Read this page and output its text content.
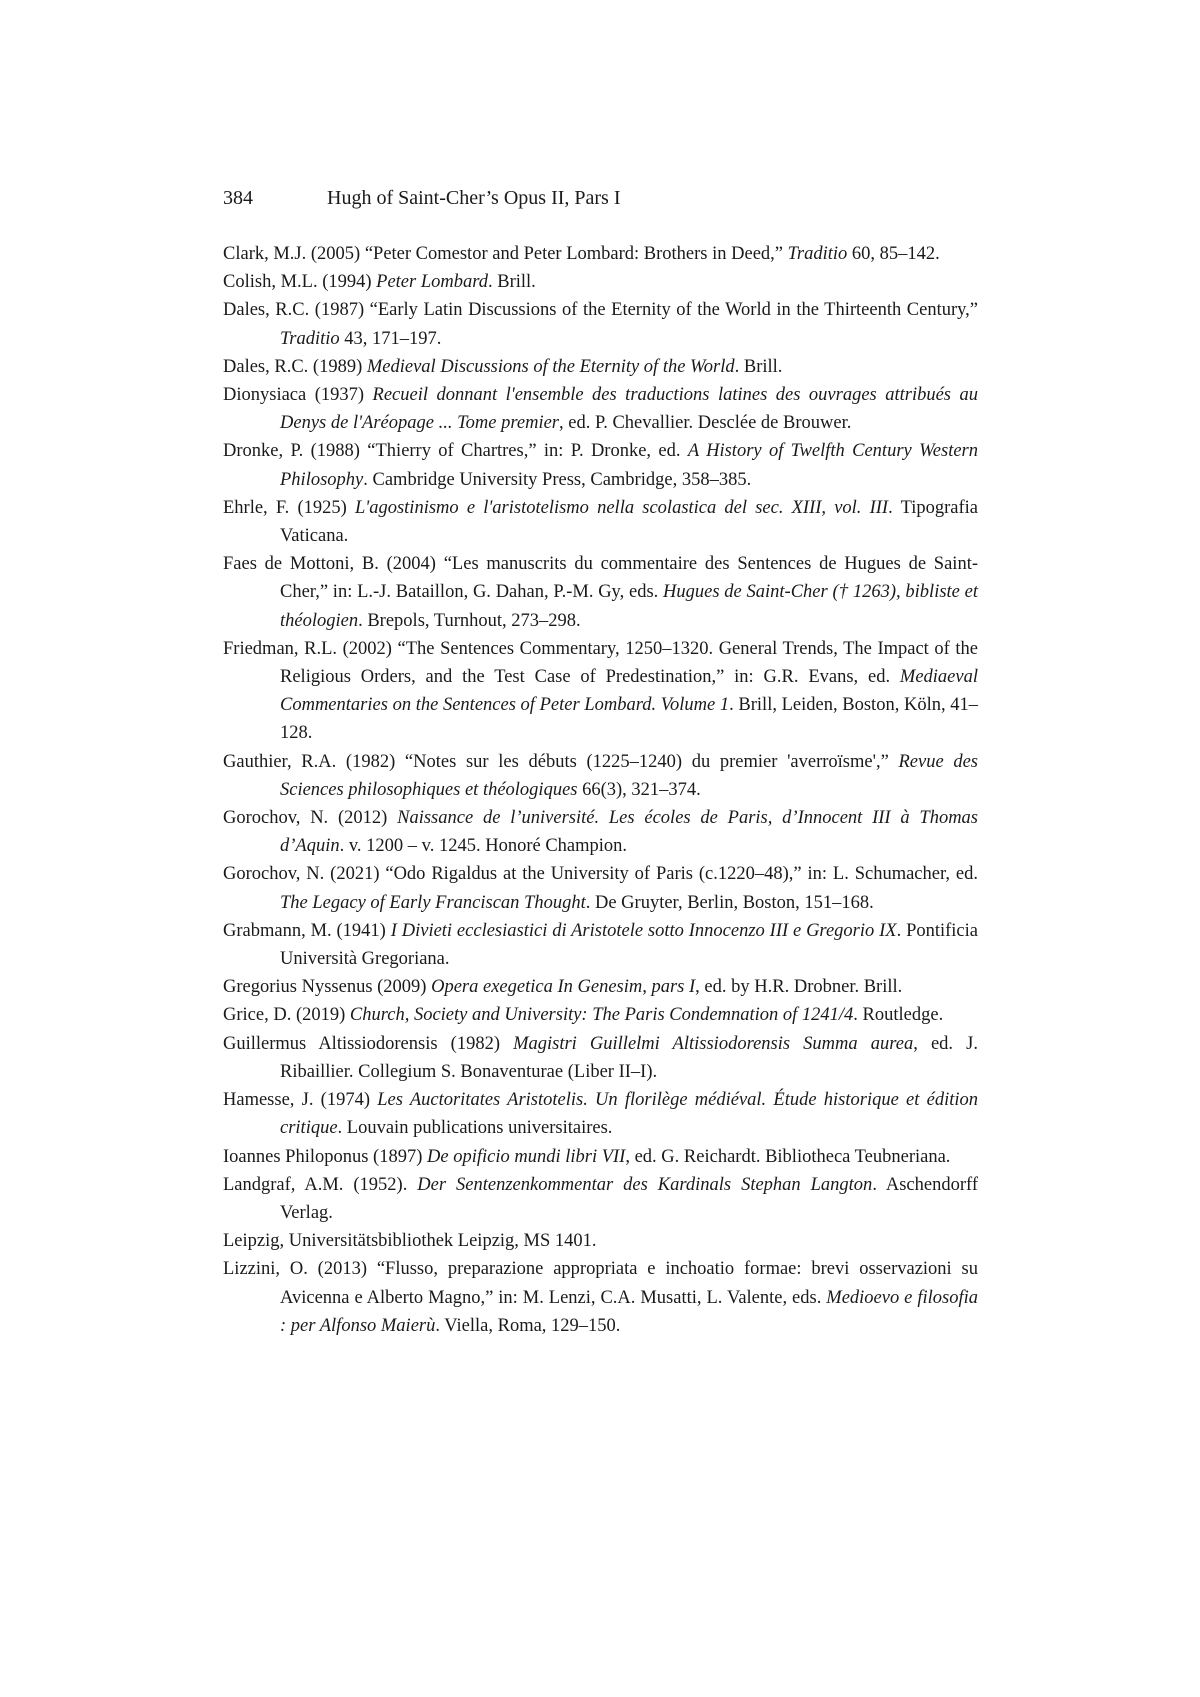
384	Hugh of Saint-Cher’s Opus II, Pars I
Clark, M.J. (2005) “Peter Comestor and Peter Lombard: Brothers in Deed,” Traditio 60, 85–142.
Colish, M.L. (1994) Peter Lombard. Brill.
Dales, R.C. (1987) “Early Latin Discussions of the Eternity of the World in the Thirteenth Century,” Traditio 43, 171–197.
Dales, R.C. (1989) Medieval Discussions of the Eternity of the World. Brill.
Dionysiaca (1937) Recueil donnant l'ensemble des traductions latines des ouvrages attribués au Denys de l'Aréopage ... Tome premier, ed. P. Chevallier. Desclée de Brouwer.
Dronke, P. (1988) “Thierry of Chartres,” in: P. Dronke, ed. A History of Twelfth Century Western Philosophy. Cambridge University Press, Cambridge, 358–385.
Ehrle, F. (1925) L'agostinismo e l'aristotelismo nella scolastica del sec. XIII, vol. III. Tipografia Vaticana.
Faes de Mottoni, B. (2004) “Les manuscrits du commentaire des Sentences de Hugues de Saint-Cher,” in: L.-J. Bataillon, G. Dahan, P.-M. Gy, eds. Hugues de Saint-Cher († 1263), bibliste et théologien. Brepols, Turnhout, 273–298.
Friedman, R.L. (2002) “The Sentences Commentary, 1250–1320. General Trends, The Impact of the Religious Orders, and the Test Case of Predestination,” in: G.R. Evans, ed. Mediaeval Commentaries on the Sentences of Peter Lombard. Volume 1. Brill, Leiden, Boston, Köln, 41–128.
Gauthier, R.A. (1982) “Notes sur les débuts (1225–1240) du premier 'averroïsme',” Revue des Sciences philosophiques et théologiques 66(3), 321–374.
Gorochov, N. (2012) Naissance de l’université. Les écoles de Paris, d’Innocent III à Thomas d’Aquin. v. 1200 – v. 1245. Honoré Champion.
Gorochov, N. (2021) “Odo Rigaldus at the University of Paris (c.1220–48),” in: L. Schumacher, ed. The Legacy of Early Franciscan Thought. De Gruyter, Berlin, Boston, 151–168.
Grabmann, M. (1941) I Divieti ecclesiastici di Aristotele sotto Innocenzo III e Gregorio IX. Pontificia Università Gregoriana.
Gregorius Nyssenus (2009) Opera exegetica In Genesim, pars I, ed. by H.R. Drobner. Brill.
Grice, D. (2019) Church, Society and University: The Paris Condemnation of 1241/4. Routledge.
Guillermus Altissiodorensis (1982) Magistri Guillelmi Altissiodorensis Summa aurea, ed. J. Ribaillier. Collegium S. Bonaventurae (Liber II–I).
Hamesse, J. (1974) Les Auctoritates Aristotelis. Un florilège médiéval. Étude historique et édition critique. Louvain publications universitaires.
Ioannes Philoponus (1897) De opificio mundi libri VII, ed. G. Reichardt. Bibliotheca Teubneriana.
Landgraf, A.M. (1952). Der Sentenzenkommentar des Kardinals Stephan Langton. Aschendorff Verlag.
Leipzig, Universitätsbibliothek Leipzig, MS 1401.
Lizzini, O. (2013) “Flusso, preparazione appropriata e inchoatio formae: brevi osservazioni su Avicenna e Alberto Magno,” in: M. Lenzi, C.A. Musatti, L. Valente, eds. Medioevo e filosofia : per Alfonso Maierù. Viella, Roma, 129–150.
